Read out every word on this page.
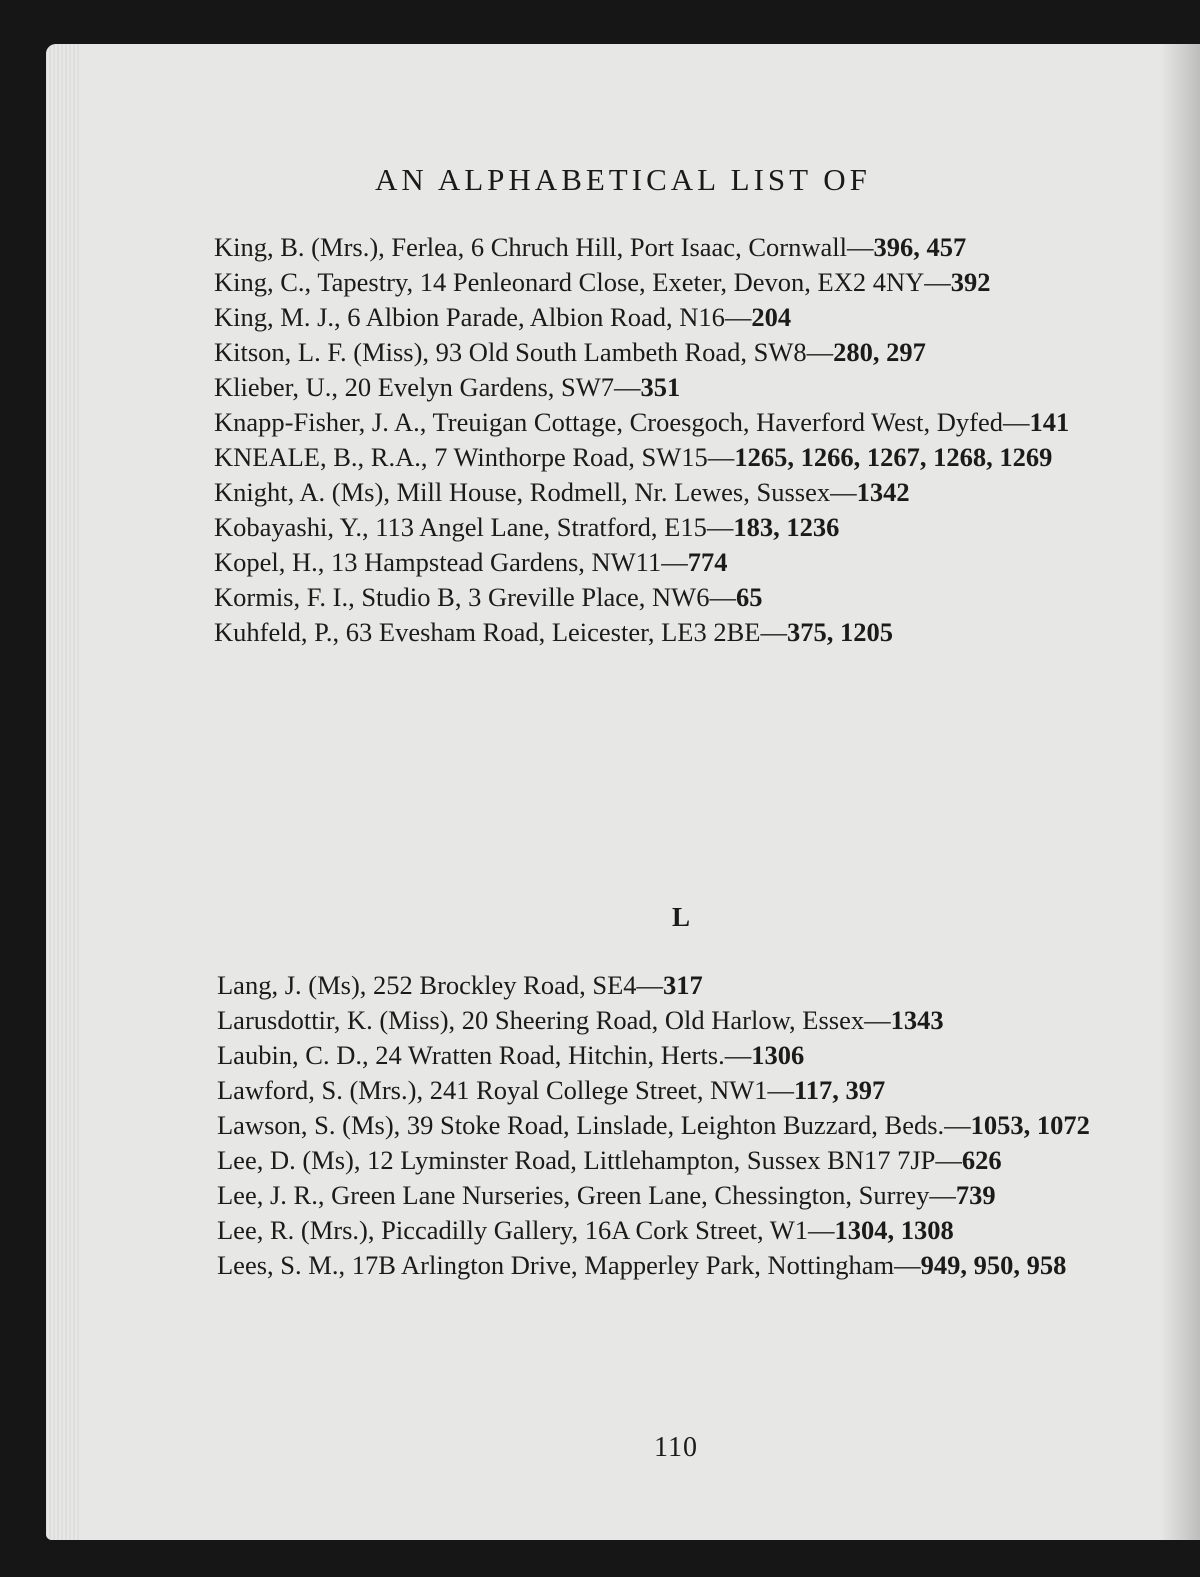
AN ALPHABETICAL LIST OF
King, B. (Mrs.), Ferlea, 6 Chruch Hill, Port Isaac, Cornwall—396, 457
King, C., Tapestry, 14 Penleonard Close, Exeter, Devon, EX2 4NY—392
King, M. J., 6 Albion Parade, Albion Road, N16—204
Kitson, L. F. (Miss), 93 Old South Lambeth Road, SW8—280, 297
Klieber, U., 20 Evelyn Gardens, SW7—351
Knapp-Fisher, J. A., Treuigan Cottage, Croesgoch, Haverford West, Dyfed—141
KNEALE, B., R.A., 7 Winthorpe Road, SW15—1265, 1266, 1267, 1268, 1269
Knight, A. (Ms), Mill House, Rodmell, Nr. Lewes, Sussex—1342
Kobayashi, Y., 113 Angel Lane, Stratford, E15—183, 1236
Kopel, H., 13 Hampstead Gardens, NW11—774
Kormis, F. I., Studio B, 3 Greville Place, NW6—65
Kuhfeld, P., 63 Evesham Road, Leicester, LE3 2BE—375, 1205
L
Lang, J. (Ms), 252 Brockley Road, SE4—317
Larusdottir, K. (Miss), 20 Sheering Road, Old Harlow, Essex—1343
Laubin, C. D., 24 Wratten Road, Hitchin, Herts.—1306
Lawford, S. (Mrs.), 241 Royal College Street, NW1—117, 397
Lawson, S. (Ms), 39 Stoke Road, Linslade, Leighton Buzzard, Beds.—1053, 1072
Lee, D. (Ms), 12 Lyminster Road, Littlehampton, Sussex BN17 7JP—626
Lee, J. R., Green Lane Nurseries, Green Lane, Chessington, Surrey—739
Lee, R. (Mrs.), Piccadilly Gallery, 16A Cork Street, W1—1304, 1308
Lees, S. M., 17B Arlington Drive, Mapperley Park, Nottingham—949, 950, 958
110
